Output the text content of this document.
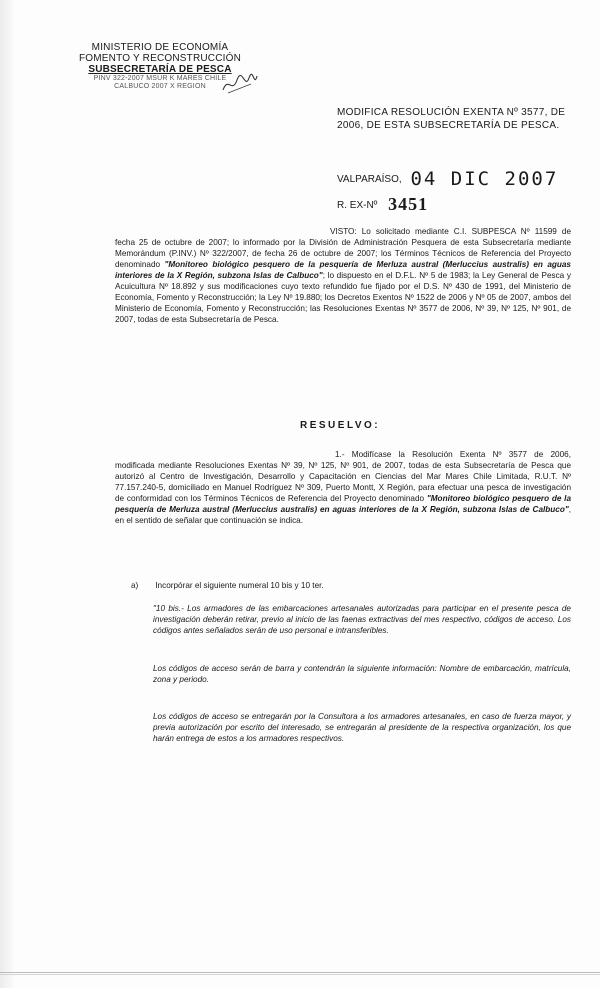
MINISTERIO DE ECONOMÍA
FOMENTO Y RECONSTRUCCIÓN
SUBSECRETARÍA DE PESCA
PINV 322-2007 MSUR K MARES CHILE
CALBUCO 2007 X REGION
MODIFICA RESOLUCIÓN EXENTA Nº 3577, DE 2006, DE ESTA SUBSECRETARÍA DE PESCA.
VALPARAÍSO, 04 DIC 2007
R. EX-Nº 3451
VISTO: Lo solicitado mediante C.I. SUBPESCA Nº 11599 de fecha 25 de octubre de 2007; lo informado por la División de Administración Pesquera de esta Subsecretaría mediante Memorándum (P.INV.) Nº 322/2007, de fecha 26 de octubre de 2007; los Términos Técnicos de Referencia del Proyecto denominado "Monitoreo biológico pesquero de la pesquería de Merluza austral (Merluccius australis) en aguas interiores de la X Región, subzona Islas de Calbuco"; lo dispuesto en el D.F.L. Nº 5 de 1983; la Ley General de Pesca y Acuicultura Nº 18.892 y sus modificaciones cuyo texto refundido fue fijado por el D.S. Nº 430 de 1991, del Ministerio de Economía, Fomento y Reconstrucción; la Ley Nº 19.880; los Decretos Exentos Nº 1522 de 2006 y Nº 05 de 2007, ambos del Ministerio de Economía, Fomento y Reconstrucción; las Resoluciones Exentas Nº 3577 de 2006, Nº 39, Nº 125, Nº 901, de 2007, todas de esta Subsecretaría de Pesca.
RESUELVO:
1.- Modifícase la Resolución Exenta Nº 3577 de 2006, modificada mediante Resoluciones Exentas Nº 39, Nº 125, Nº 901, de 2007, todas de esta Subsecretaría de Pesca que autorizó al Centro de Investigación, Desarrollo y Capacitación en Ciencias del Mar Mares Chile Limitada, R.U.T. Nº 77.157.240-5, domiciliado en Manuel Rodríguez Nº 309, Puerto Montt, X Región, para efectuar una pesca de investigación de conformidad con los Términos Técnicos de Referencia del Proyecto denominado "Monitoreo biológico pesquero de la pesquería de Merluza austral (Merluccius australis) en aguas interiores de la X Región, subzona Islas de Calbuco", en el sentido de señalar que continuación se indica.
a) Incorpórar el siguiente numeral 10 bis y 10 ter.
"10 bis.- Los armadores de las embarcaciones artesanales autorizadas para participar en el presente pesca de investigación deberán retirar, previo al inicio de las faenas extractivas del mes respectivo, códigos de acceso. Los códigos antes señalados serán de uso personal e intransferibles.
Los códigos de acceso serán de barra y contendrán la siguiente información: Nombre de embarcación, matrícula, zona y periodo.
Los códigos de acceso se entregarán por la Consultora a los armadores artesanales, en caso de fuerza mayor, y previa autorización por escrito del interesado, se entregarán al presidente de la respectiva organización, los que harán entrega de estos a los armadores respectivos.
